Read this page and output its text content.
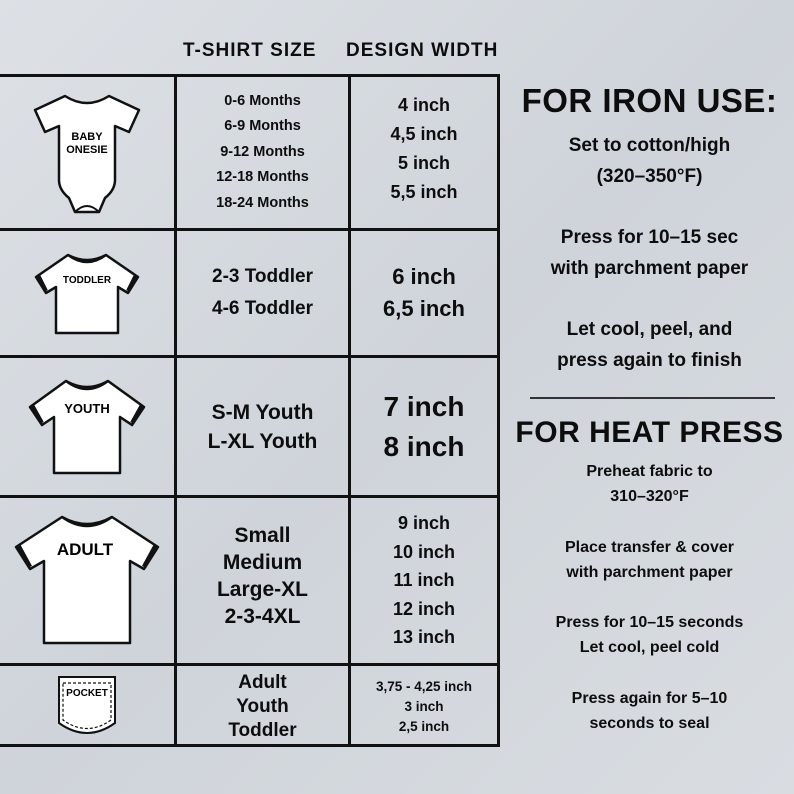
T-SHIRT SIZE DESIGN WIDTH
BABY
ONESIE
0-6 Months
6-9 Months
9-12 Months
12-18 Months
18-24 Months
4 inch
4,5 inch
5 inch
5,5 inch
TODDLER	2-3 Toddler
4-6 Toddler
6 inch
6,5 inch
YOUTH	S-M Youth
L-XL Youth
7 inch
8 inch
ADULT
Small
Medium
Large-XL
2-3-4XL
9 inch
10 inch
11 inch
12 inch
13 inch
POCKET
Adult
Youth
Toddler
3,75 - 4,25 inch
3 inch
2,5 inch
FOR IRON USE:
Set to cotton/high
(320–350°F)
Press for 10–15 sec
with parchment paper
Let cool, peel, and
press again to finish
FOR HEAT PRESS
Preheat fabric to
310–320°F
Place transfer & cover
with parchment paper
Press for 10–15 seconds
Let cool, peel cold
Press again for 5–10
seconds to seal
